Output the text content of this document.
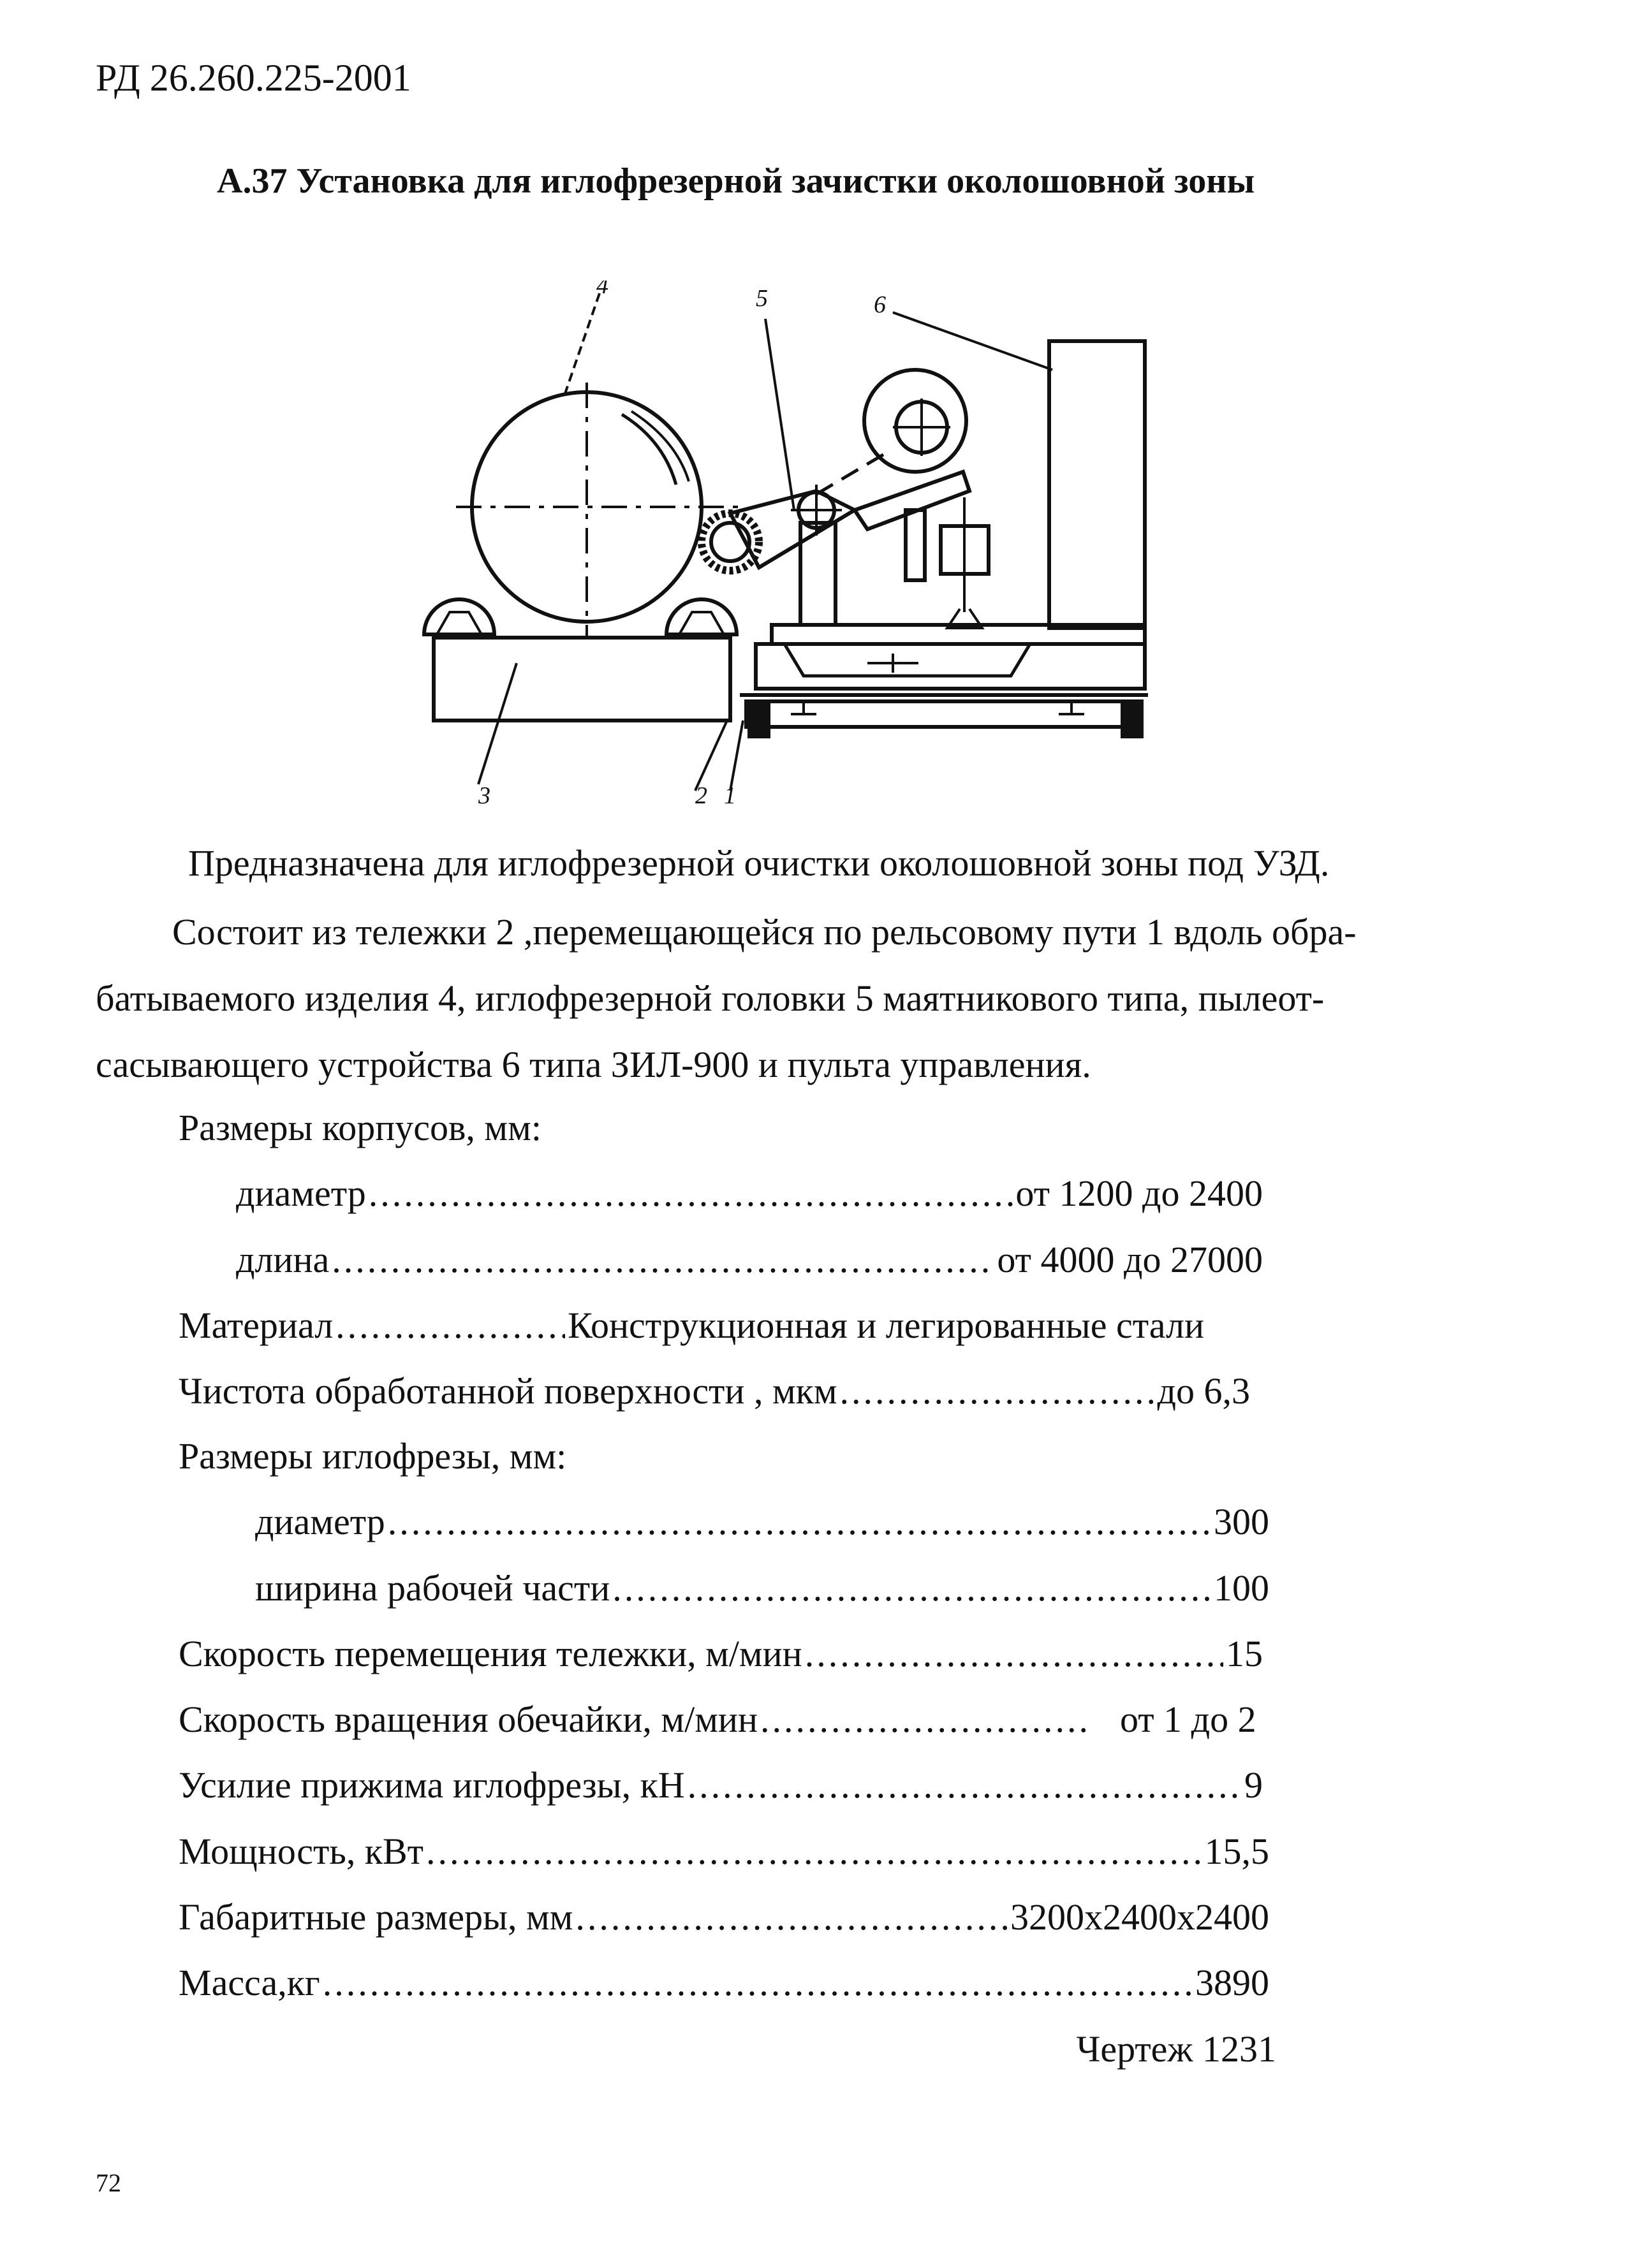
РД 26.260.225-2001
А.37 Установка для иглофрезерной зачистки околошовной зоны
4	5	6
3	2 1
Предназначена для иглофрезерной очистки околошовной зоны под УЗД.
Состоит из тележки 2 ,перемещающейся по рельсовому пути 1 вдоль обра-
батываемого изделия 4, иглофрезерной головки 5 маятникового типа, пылеот-
сасывающего устройства 6 типа ЗИЛ-900 и пульта управления.
Размеры корпусов, мм:
диаметр .....	от 1200 до 2400
длина .....	от 4000 до 27000
Материал .....	Конструкционная и легированные стали
Чистота обработанной поверхности , мкм .....	до 6,3
Размеры иглофрезы, мм:
диаметр .....	300
ширина рабочей части .....	100
Скорость перемещения тележки, м/мин .....	15
Скорость вращения обечайки, м/мин .....	от 1 до 2
Усилие прижима иглофрезы, кН .....	9
Мощность, кВт .....	15,5
Габаритные размеры, мм .....	3200х2400х2400
Масса,кг .....	3890
Чертеж 1231
72
